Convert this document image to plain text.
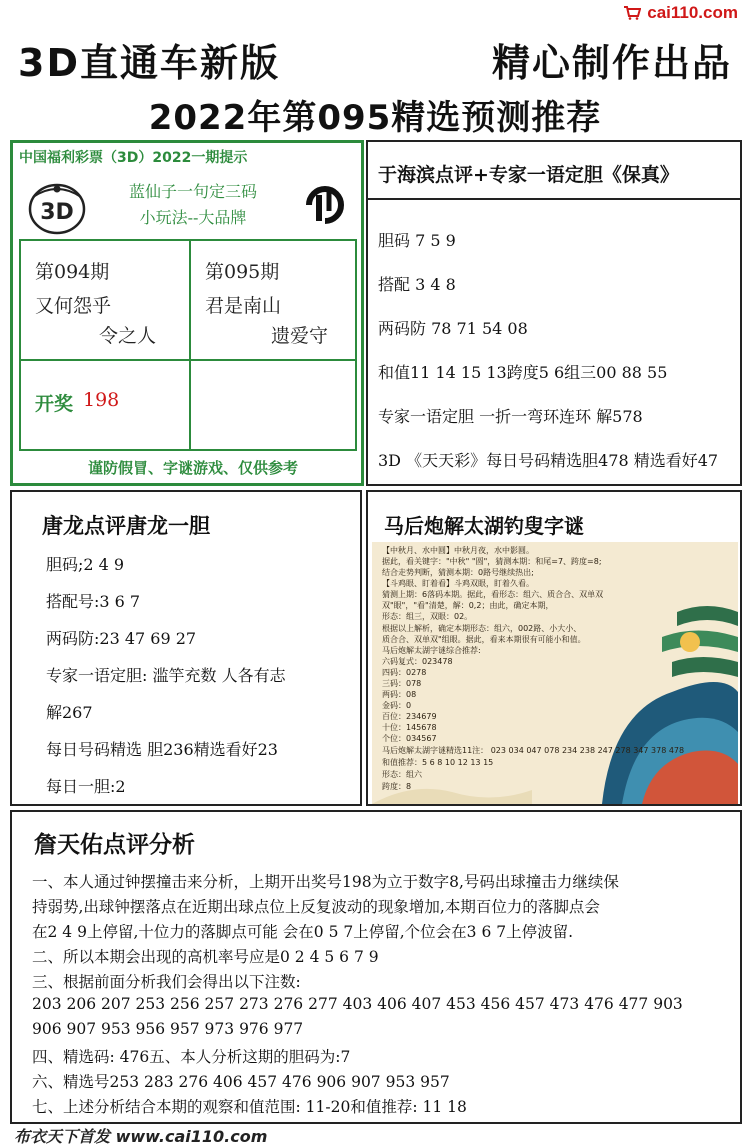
cai110.com
3D直通车新版	精心制作出品
2022年第095精选预测推荐
中国福利彩票（3D）2022一期提示
3D
蓝仙子一句定三码
小玩法--大品牌
第094期
又何怨乎
令之人
第095期
君是南山
遗爱守
开奖 198
谨防假冒、字谜游戏、仅供参考
于海滨点评+专家一语定胆《保真》
胆码 7 5 9
搭配 3 4 8
两码防 78 71 54 08
和值11 14 15 13跨度5 6组三00 88 55
专家一语定胆 一折一弯环连环 解578
3D 《天天彩》每日号码精选胆478 精选看好47
唐龙点评唐龙一胆
胆码;2 4 9
搭配号:3 6 7
两码防:23 47 69 27
专家一语定胆: 滥竽充数 人各有志
解267
每日号码精选 胆236精选看好23
每日一胆:2
马后炮解太湖钓叟字谜
【中秋月、水中圆】中秋月夜，水中影圆。
据此，看关键字："中秋" "圆"，猜测本期：和尾=7、跨度=8;
结合走势判断，猜测本期：0路号继续热出;
【斗鸡眼、盯着看】斗鸡双眼，盯着久看。
猜测上期：6落码本期。据此，看形态：组六、质合合、双单双
双"眼"，"看"清楚，解：0,2；由此，确定本期，
形态：组三，双眼：02。
根据以上解析，确定本期形态：组六，002路、小大小、
质合合、双单双"组眼。据此，看来本期很有可能小和值。
马后炮解太湖字谜综合推荐:
六码复式：023478
四码：0278
三码：078
两码：08
金码：0
百位：234679
十位：145678
个位：034567
马后炮解太湖字谜精选11注： 023 034 047 078 234 238 247 278 347 378 478
和值推荐：5 6 8 10 12 13 15
形态：组六
跨度：8
詹天佑点评分析
一、本人通过钟摆撞击来分析，上期开出奖号198为立于数字8,号码出球撞击力继续保
持弱势,出球钟摆落点在近期出球点位上反复波动的现象增加,本期百位力的落脚点会
在2 4 9上停留,十位力的落脚点可能 会在0 5 7上停留,个位会在3 6 7上停波留.
二、所以本期会出现的高机率号应是0 2 4 5 6 7 9
三、根据前面分析我们会得出以下注数:
203 206 207 253 256 257 273 276 277 403 406 407 453 456 457 473 476 477 903
906 907 953 956 957 973 976 977
四、精选码: 476五、本人分析这期的胆码为:7
六、精选号253 283 276 406 457 476 906 907 953 957
七、上述分析结合本期的观察和值范围: 11-20和值推荐: 11 18
布衣天下首发 www.cai110.com
